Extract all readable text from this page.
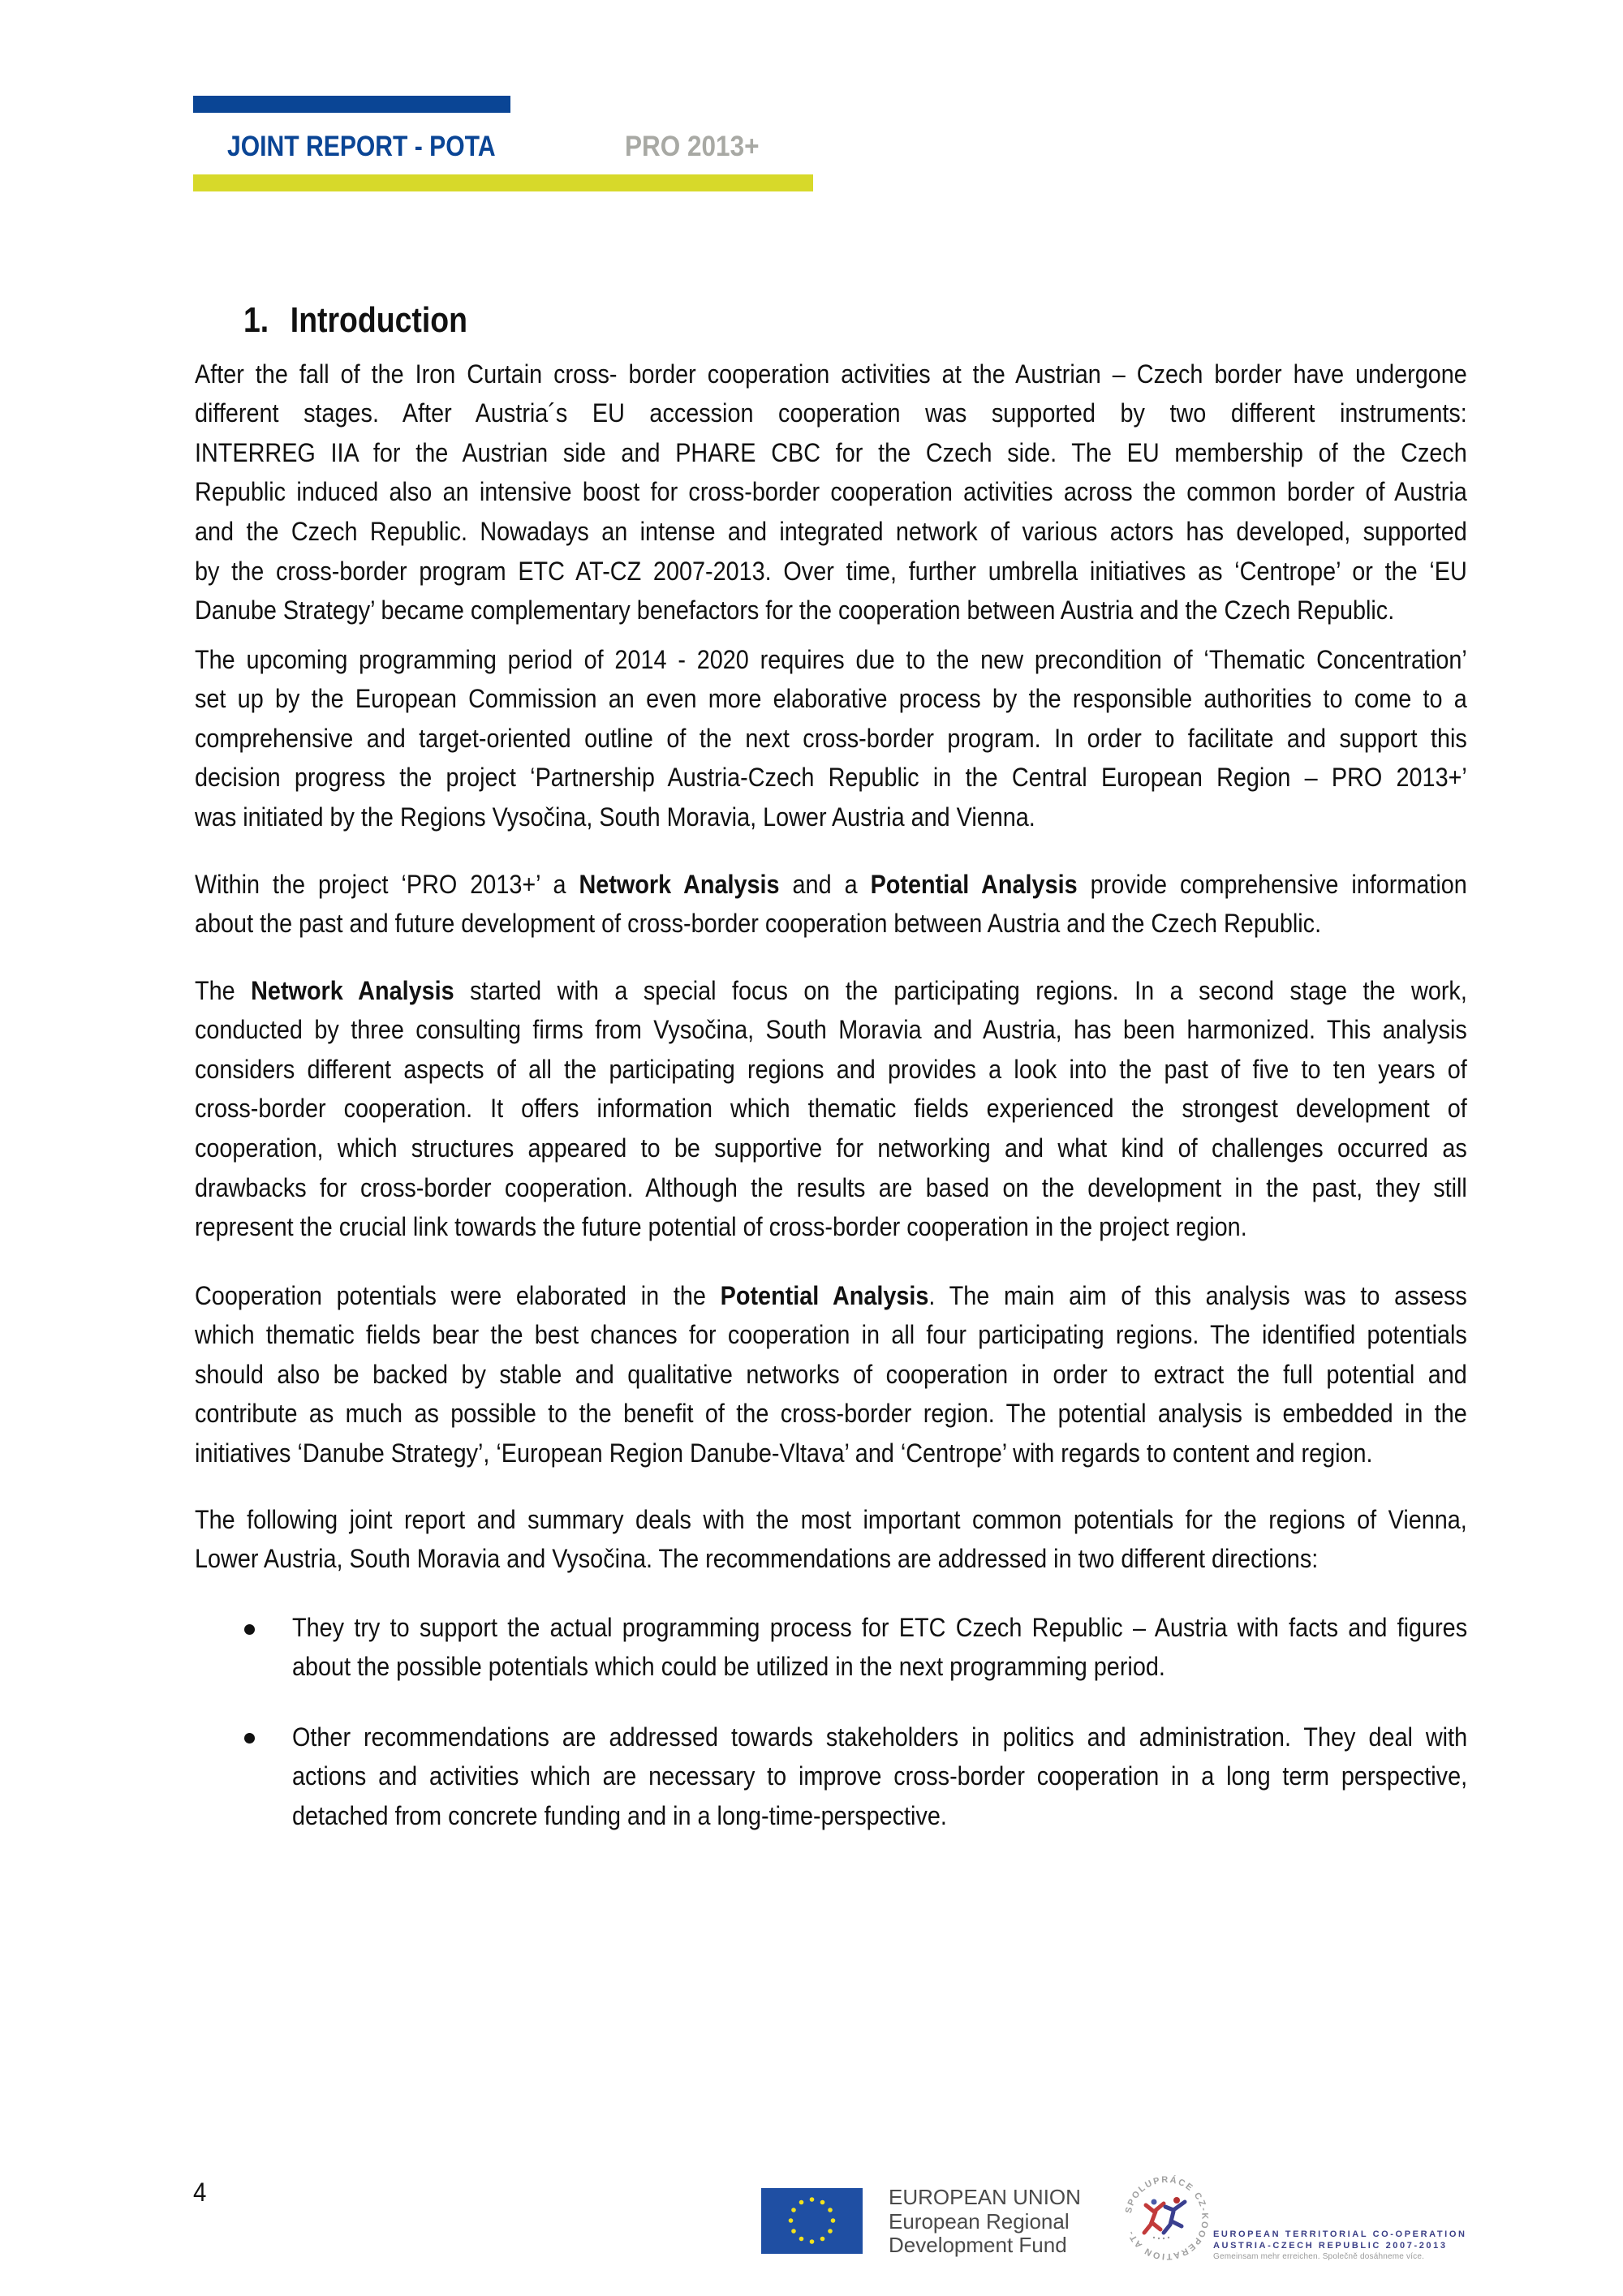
JOINT REPORT - POTA	PRO 2013+
1. Introduction
After the fall of the Iron Curtain cross- border cooperation activities at the Austrian – Czech border have undergone
different stages. After Austria´s EU accession cooperation was supported by two different instruments:
INTERREG IIA for the Austrian side and PHARE CBC for the Czech side. The EU membership of the Czech
Republic induced also an intensive boost for cross-border cooperation activities across the common border of Austria
and the Czech Republic. Nowadays an intense and integrated network of various actors has developed, supported
by the cross-border program ETC AT-CZ 2007-2013. Over time, further umbrella initiatives as ‘Centrope’ or the ‘EU
Danube Strategy’ became complementary benefactors for the cooperation between Austria and the Czech Republic.
The upcoming programming period of 2014 - 2020 requires due to the new precondition of ‘Thematic Concentration’
set up by the European Commission an even more elaborative process by the responsible authorities to come to a
comprehensive and target-oriented outline of the next cross-border program. In order to facilitate and support this
decision progress the project ‘Partnership Austria-Czech Republic in the Central European Region – PRO 2013+’
was initiated by the Regions Vysočina, South Moravia, Lower Austria and Vienna.
Within the project ‘PRO 2013+’ a Network Analysis and a Potential Analysis provide comprehensive information
about the past and future development of cross-border cooperation between Austria and the Czech Republic.
The Network Analysis started with a special focus on the participating regions. In a second stage the work,
conducted by three consulting firms from Vysočina, South Moravia and Austria, has been harmonized. This analysis
considers different aspects of all the participating regions and provides a look into the past of five to ten years of
cross-border cooperation. It offers information which thematic fields experienced the strongest development of
cooperation, which structures appeared to be supportive for networking and what kind of challenges occurred as
drawbacks for cross-border cooperation. Although the results are based on the development in the past, they still
represent the crucial link towards the future potential of cross-border cooperation in the project region.
Cooperation potentials were elaborated in the Potential Analysis. The main aim of this analysis was to assess
which thematic fields bear the best chances for cooperation in all four participating regions. The identified potentials
should also be backed by stable and qualitative networks of cooperation in order to extract the full potential and
contribute as much as possible to the benefit of the cross-border region. The potential analysis is embedded in the
initiatives ‘Danube Strategy’, ‘European Region Danube-Vltava’ and ‘Centrope’ with regards to content and region.
The following joint report and summary deals with the most important common potentials for the regions of Vienna,
Lower Austria, South Moravia and Vysočina. The recommendations are addressed in two different directions:
They try to support the actual programming process for ETC Czech Republic – Austria with facts and figures
about the possible potentials which could be utilized in the next programming period.
Other recommendations are addressed towards stakeholders in politics and administration. They deal with
actions and activities which are necessary to improve cross-border cooperation in a long term perspective,
detached from concrete funding and in a long-time-perspective.
4	EUROPEAN UNION
European Regional
Development Fund
SPOLUPRÁCE CZ-KOOPERATION AT-	EUROPEAN TERRITORIAL CO-OPERATION
AUSTRIA-CZECH REPUBLIC 2007-2013
Gemeinsam mehr erreichen. Společně dosáhneme více.
